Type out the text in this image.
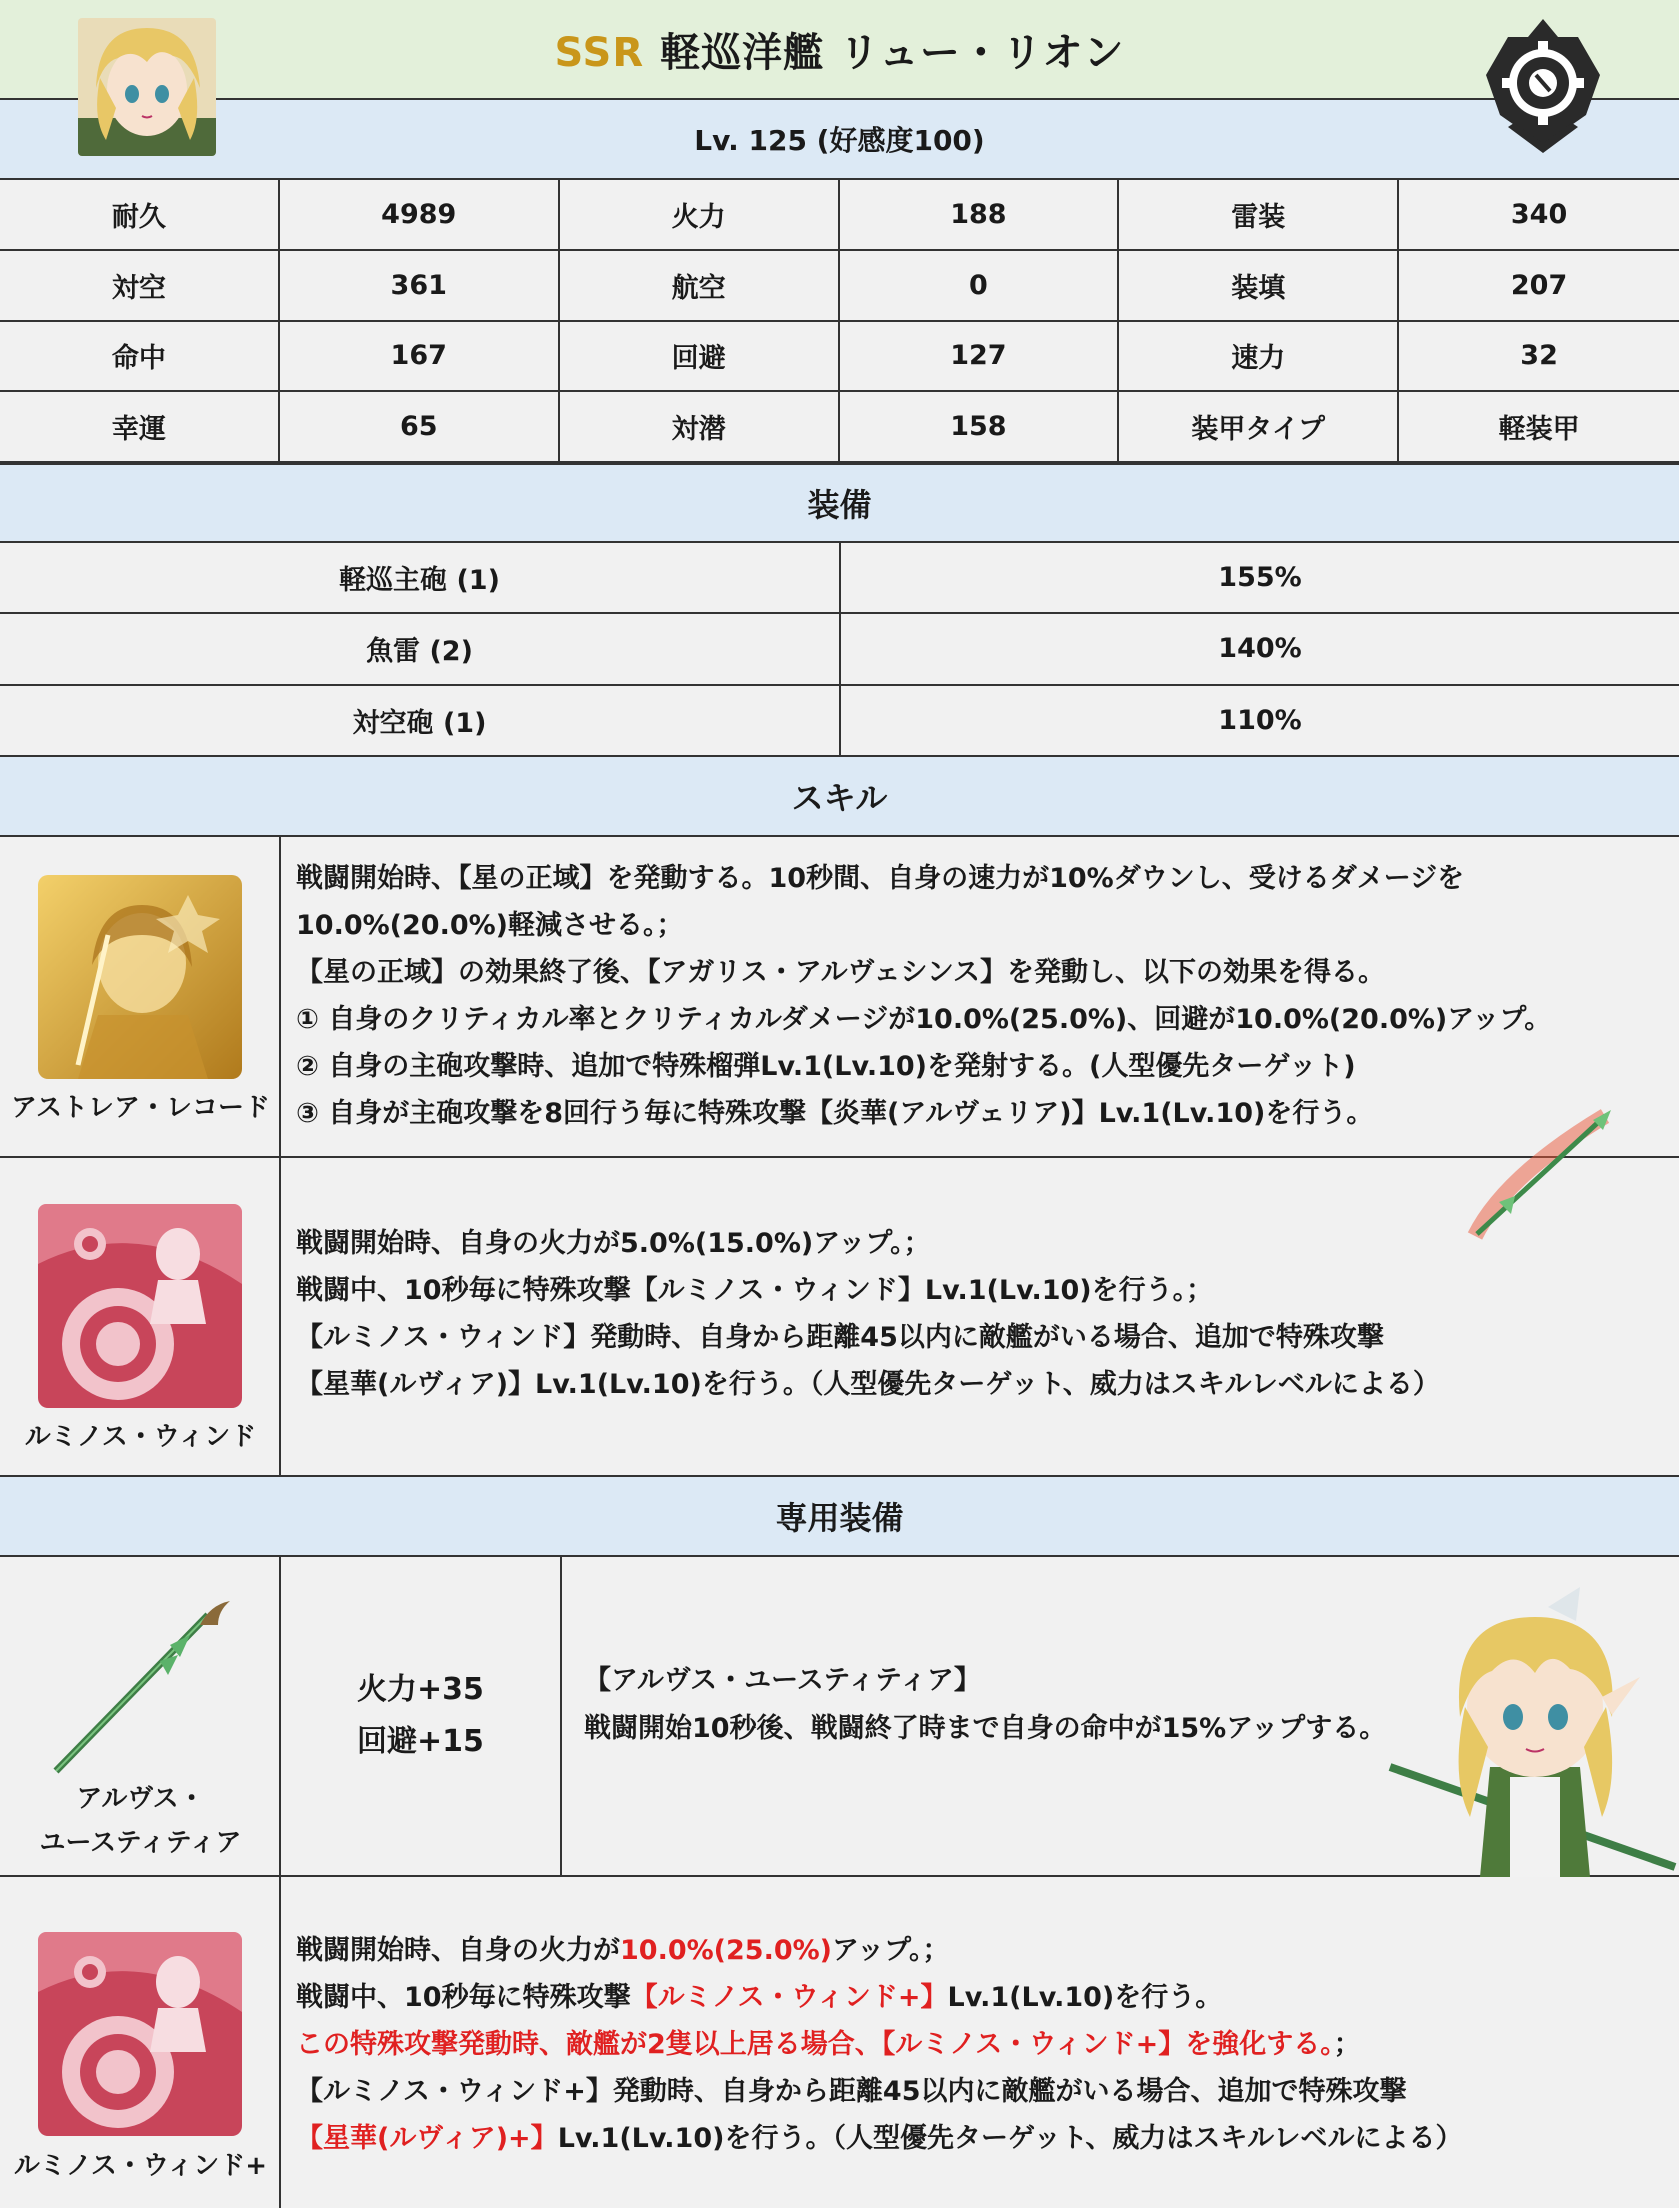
SSR 軽巡洋艦 リュー・リオン
Lv. 125 (好感度100)
耐久	4989	火力	188	雷装	340
対空	361	航空	0	装填	207
命中	167	回避	127	速力	32
幸運	65	対潜	158	装甲タイプ	軽装甲
装備
軽巡主砲 (1)	155%
魚雷 (2)	140%
対空砲 (1)	110%
スキル
アストレア・レコード

戦闘開始時、【星の正域】を発動する。10秒間、自身の速力が10%ダウンし、受けるダメージを

10.0%(20.0%)軽減させる。；

【星の正域】の効果終了後、【アガリス・アルヴェシンス】を発動し、以下の効果を得る。

① 自身のクリティカル率とクリティカルダメージが10.0%(25.0%)、回避が10.0%(20.0%)アップ。

② 自身の主砲攻撃時、追加で特殊榴弾Lv.1(Lv.10)を発射する。(人型優先ターゲット)

③ 自身が主砲攻撃を8回行う毎に特殊攻撃【炎華(アルヴェリア)】Lv.1(Lv.10)を行う。

ルミノス・ウィンド

戦闘開始時、自身の火力が5.0%(15.0%)アップ。；

戦闘中、10秒毎に特殊攻撃【ルミノス・ウィンド】Lv.1(Lv.10)を行う。；

【ルミノス・ウィンド】発動時、自身から距離45以内に敵艦がいる場合、追加で特殊攻撃

【星華(ルヴィア)】Lv.1(Lv.10)を行う。（人型優先ターゲット、威力はスキルレベルによる）

専用装備
アルヴス・
ユースティティア
火力+35
回避+15
【アルヴス・ユースティティア】
戦闘開始10秒後、戦闘終了時まで自身の命中が15%アップする。
ルミノス・ウィンド+

戦闘開始時、自身の火力が10.0%(25.0%)アップ。；

戦闘中、10秒毎に特殊攻撃【ルミノス・ウィンド+】Lv.1(Lv.10)を行う。

この特殊攻撃発動時、敵艦が2隻以上居る場合、【ルミノス・ウィンド+】を強化する。；

【ルミノス・ウィンド+】発動時、自身から距離45以内に敵艦がいる場合、追加で特殊攻撃

【星華(ルヴィア)+】Lv.1(Lv.10)を行う。（人型優先ターゲット、威力はスキルレベルによる）
